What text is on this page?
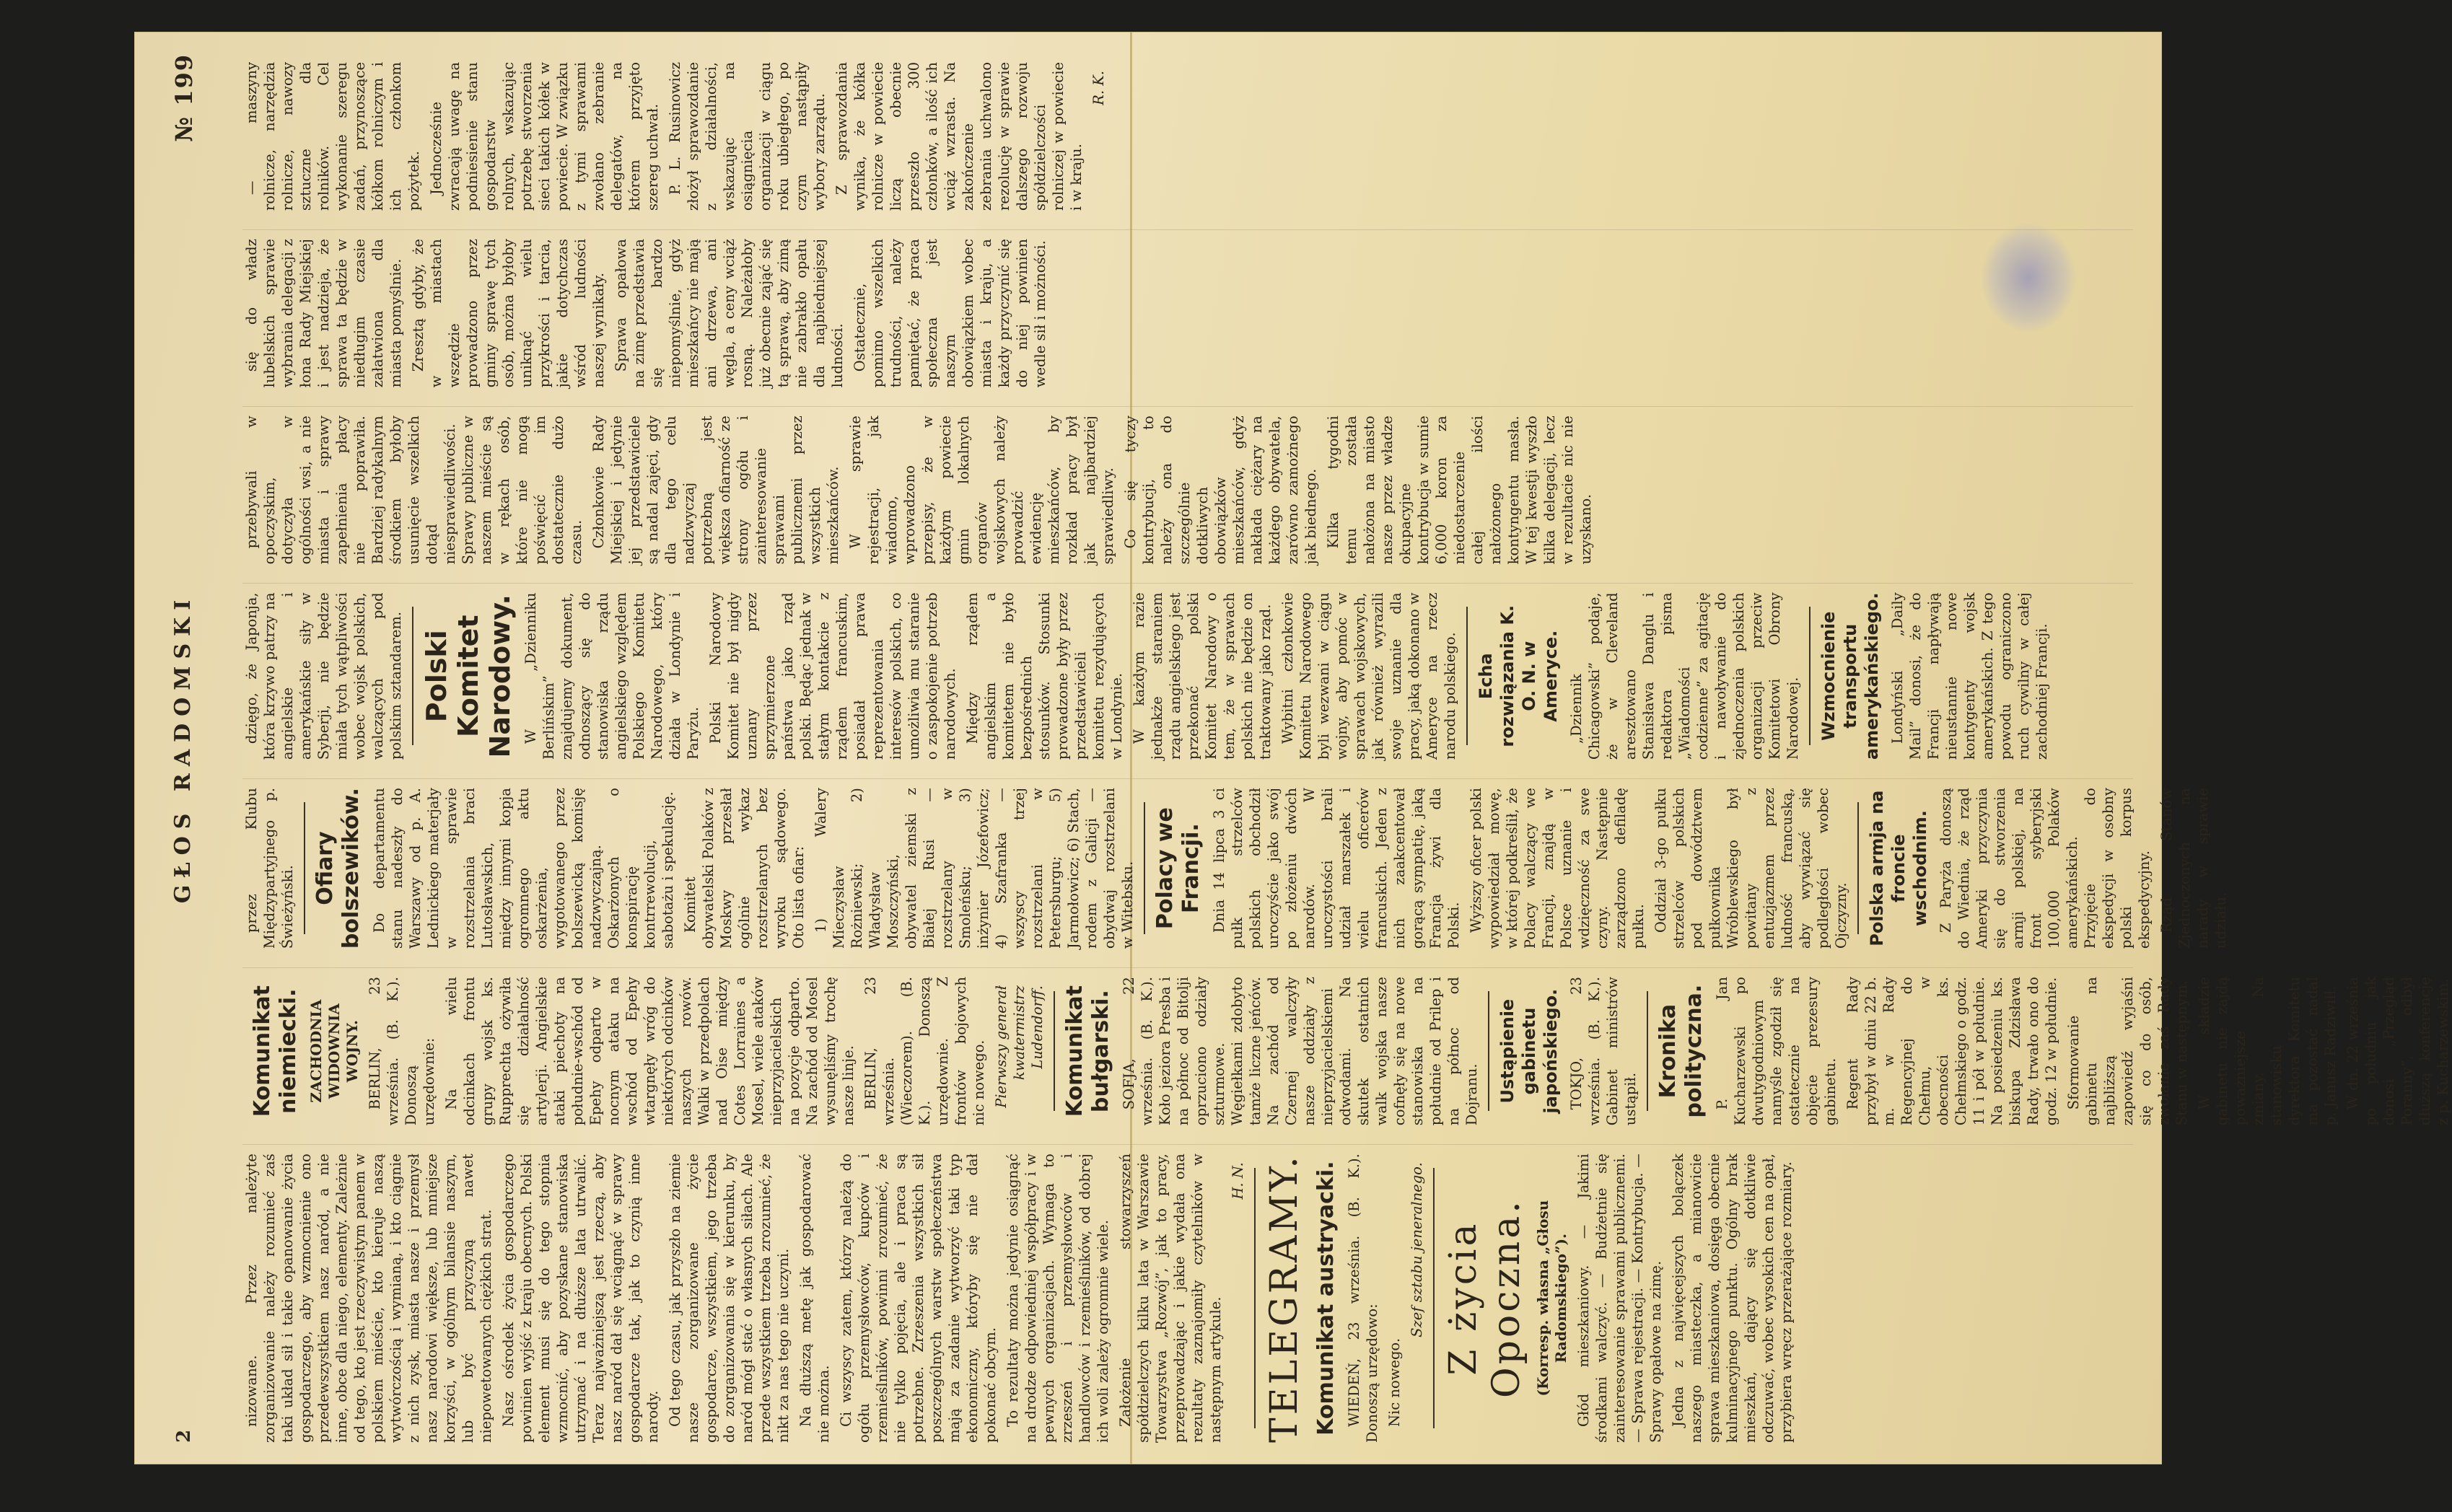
2
GŁOS RADOMSKI
№ 199

nizowane. Przez należyte zorganizowanie należy rozumieć zaś taki układ sił i takie opanowanie życia gospodarczego, aby wzmocnienie ono przedewszystkiem nasz naród, a nie inne, obce dla niego, elementy. Zależnie od tego, kto jest rzeczywistym panem w polskiem mieście, kto kieruje naszą wytwórczością i wymianą, i kto ciągnie z nich zysk, miasta nasze i przemysł nasz narodowi większe, lub mniejsze korzyści, w ogólnym bilansie naszym, lub być przyczyną nawet niepowetowanych ciężkich strat. Nasz ośrodek życia gospodarczego powinien wyjść z kraju obecnych. Polski element musi się do tego stopnia wzmocnić, aby pozyskane stanowiska utrzymać i na dłuższe lata utrwalić. Teraz najważniejszą jest rzeczą, aby nasz naród dał się wciągnąć w sprawy gospodarcze tak, jak to czynią inne narody. Od tego czasu, jak przyszło na ziemie nasze zorganizowane życie gospodarcze, wszystkiem, jego trzeba do zorganizowania się w kierunku, by naród mógł stać o własnych siłach. Ale przede wszystkiem trzeba zrozumieć, że nikt za nas tego nie uczyni. Na dłuższą metę jak gospodarować nie można. Ci wszyscy zatem, którzy należą do ogółu przemysłowców, kupców i rzemieślników, powinni zrozumieć, że nie tylko pojęcia, ale i praca są potrzebne. Zrzeszenia wszystkich sił poszczególnych warstw społeczeństwa mają za zadanie wytworzyć taki typ ekonomiczny, któryby się nie dał pokonać obcym. To rezultaty można jedynie osiągnąć na drodze odpowiedniej współpracy i w pewnych organizacjach. Wymaga to zrzeszeń i przemysłowców i handlowców i rzemieślników, od dobrej ich woli zależy ogromnie wiele. Założenie stowarzyszeń spółdzielczych kilku lata w Warszawie Towarzystwa „Rozwój”, jak to pracy, przeprowadzając i jakie wydała ona rezultaty zaznajomiły czytelników w następnym artykule.

H. N. TELEGRAMY. Komunikat austryacki. WIEDEŃ, 23 września. (B. K.). Donoszą urzędowo: Nic nowego.

Szef sztabu jeneralnego. Z życia Opoczna. (Korresp. własna „Głosu Radomskiego”). Głód mieszkaniowy. — Jakimi środkami walczyć. — Budżetnie się zainteresowanie sprawami publicznemi. — Sprawa rejestracji. — Kontrybucja. — Sprawy opałowe na zimę. Jedna z najwięcejszych bolączek naszego miasteczka, a mianowicie sprawa mieszkaniowa, dosięga obecnie kulminacyjnego punktu. Ogólny brak mieszkań, dający się dotkliwie odczuwać, wobec wysokich cen na opał, przybiera wręcz przerażające rozmiary.

Komunikat niemiecki. ZACHODNIA WIDOWNIA WOJNY. BERLIN, 23 września. (B. K.). Donoszą urzędownie: Na wielu odcinkach frontu grupy wojsk ks. Rupprechta ożywiła się działalność artylerji. Angielskie ataki piechoty na południe-wschód od Epehy odparto w nocnym ataku na wschód od Epehy wtargnęły wróg do niektórych odcinków naszych rowów. Walki w przedpolach nad Oise między Cotes Lorraines a Mosel, wiele ataków nieprzyjacielskich na pozycje odparto. Na zachód od Mosel wysunęliśmy trochę nasze linje. BERLIN, 23 września. (Wieczorem). (B. K.). Donoszą urzędownie. Z frontów bojowych nic nowego. Pierwszy generał kwatermistrz Ludendorff. Komunikat bułgarski. SOFJA, 22 września. (B. K.). Koło jeziora Presba i na północ od Bitolji oprzuciono odziały szturmowe. Węgiełkami zdobyto tamże liczne jeńców. Na zachód od Czernej walczyły nasze oddziały z nieprzyjacielskiemi odwodami. Na skutek ostatnich walk wojska nasze cofnęły się na nowe stanowiska na południe od Prilep i na północ od Dojranu. Ustąpienie gabinetu japońskiego. TOKJO, 23 września. (B. K.). Gabinet ministrów ustąpił.

Kronika polityczna. P. Jan Kucharzewski po dwutygodniowym namyśle zgodził się ostatecznie na objęcie prezesury gabinetu. Regent Rady przybył w dniu 22 b. m. w Rady Regencyjnej do Chełmu, w obecności ks. Chełmskiego o godz. 11 i pół w południe. Na posiedzeniu ks. biskupa Zdzisława Rady, trwało ono do godz. 12 w południe. Sformowanie gabinetu na najbliższą zapowiedź wyjaśni się co do osób, zwołanie zaś Rady Stanu w następnym. W składzie gabinetu nie zajdą poważniejsze zmiany. Na stanowisku dyrektora Komitetu ma pozostać nadal p. Janusz Radziwiłł. W dn. 22 września po południu jak donosi „Przegląd Poranny”, odbył dłuższą konferencję z p. Kucharzewskim.

przez Klubu Międzypartyjnego p. Świeżyński. Ofiary bolszewików. Do departamentu stanu nadeszły do Warszawy od p. A. Lednickiego materjały w sprawie rozstrzelania braci Lutosławskich, między innymi kopja ogromnego aktu oskarżenia, wygotowanego przez bolszewicką komisję nadzwyczajną. Oskarżonych o konspirację kontrrewolucji, sabotażu i spekulację. Komitet obywatelski Polaków z Moskwy przesłał ogólnie wykaz rozstrzelanych bez wyroku sądowego. Oto lista ofiar: 1) Walery Mieczysław Rożniewski; 2) Władysław Moszczyński, obywatel ziemski z Białej Rusi — rozstrzelany w Smoleńsku; 3) inżynier Józefowicz; 4) Szafranka — wszyscy trzej rozstrzelani w Petersburgu; 5) Jarmołowicz; 6) Stach, rodem z Galicji — obydwaj rozstrzelani w Witebsku. Polacy we Francji. Dnia 14 lipca 3 ci pułk strzelców polskich obchodził uroczyście jako swój po złożeniu dwóch narodów. W uroczystości brali udział marszałek i wielu oficerów francuskich. Jeden z nich zaakcentował gorącą sympatię, jaką Francja żywi dla Polski. Wyższy oficer polski wypowiedział mowę, w której podkreślił, że Polacy walczący we Francji, znajdą w Polsce uznanie i wdzięczność za swe czyny. Następnie zarządzono defiladę pułku. Oddział 3-go pułku strzelców polskich pod dowództwem pułkownika Wróblewskiego był powitany z entuzjazmem przez ludność francuską, aby wywiązać się podległości wobec Ojczyzny. Polska armja na froncie wschodnim. Z Paryża donoszą do Wiednia, że rząd Ameryki przyczynia się do stworzenia armji polskiej, na front syberyjski 100,000 Polaków amerykańskich. Przyjęcie do ekspedycji w osobny polski korpus ekspedycyjny. Rząd Stanów Zjednoczonych na narady w sprawie udziału.

dzięgo, że Japonja, która krzywo patrzy na angielskie i amerykańskie siły w Syberji, nie będzie miała tych wątpliwości wobec wojsk polskich, walczących pod polskim sztandarem. Polski Komitet Narodowy. W „Dzienniku Berlińskim” znajdujemy dokument, odnoszący się do stanowiska rządu angielskiego względem Polskiego Komitetu Narodowego, który działa w Londynie i Paryżu. Polski Narodowy Komitet nie był nigdy uznany przez sprzymierzone państwa jako rząd polski. Będąc jednak w stałym kontakcie z rządem francuskim, posiadał prawa reprezentowania interesów polskich, co umożliwia mu staranie o zaspokojenie potrzeb narodowych. Między rządem angielskim a komitetem nie było bezpośrednich stosunków. Stosunki prowadzone były przez przedstawicieli komitetu rezydujących w Londynie. W każdym razie jednakże staraniem rządu angielskiego jest przekonać polski Komitet Narodowy o tem, że w sprawach polskich nie będzie on traktowany jako rząd. Wybitni członkowie Komitetu Narodowego byli wezwani w ciągu wojny, aby pomóc w sprawach wojskowych, jak również wyrazili swoje uznanie dla pracy, jaką dokonano w Ameryce na rzecz narodu polskiego. Echa rozwiązania K. O. N. w Ameryce. „Dziennik Chicagowski” podaje, że w Cleveland aresztowano Stanisława Danglu i redaktora pisma „Wiadomości codzienne” za agitację i nawoływanie do zjednoczenia polskich organizacji przeciw Komitetowi Obrony Narodowej. Wzmocnienie transportu amerykańskiego. Londyński „Daily Mail” donosi, że do Francji napływają nieustannie nowe kontygenty wojsk amerykańskich. Z tego powodu ograniczono ruch cywilny w całej zachodniej Francji.

przebywali w opoczyskim, dotyczyła w ogólności wsi, a nie miasta i sprawy zapełnienia płacy nie poprawiła. Bardziej radykalnym środkiem byłoby usunięcie wszelkich dotąd niesprawiedliwości. Sprawy publiczne w naszem mieście są w rękach osób, które nie mogą poświęcić im dostatecznie dużo czasu. Członkowie Rady Miejskiej i jedynie jej przedstawiciele są nadal zajęci, gdy dla tego celu nadzwyczaj potrzebną jest większa ofiarność ze strony ogółu i zainteresowanie sprawami publicznemi przez wszystkich mieszkańców. W sprawie rejestracji, jak wiadomo, wprowadzono przepisy, że w każdym powiecie gmin lokalnych organów wojskowych należy prowadzić ewidencję mieszkańców, by rozkład pracy był jak najbardziej sprawiedliwy. Co się tyczy kontrybucji, to należy ona do szczególnie dotkliwych obowiązków mieszkańców, gdyż nakłada ciężary na każdego obywatela, zarówno zamożnego jak biednego. Kilka tygodni temu została nałożona na miasto nasze przez władze okupacyjne kontrybucja w sumie 6,000 koron za niedostarczenie całej ilości nałożonego kontyngentu masła. W tej kwestji wyszło kilka delegacji, lecz w rezultacie nic nie uzyskano.

się do władz lubelskich sprawie wybrania delegacji z łona Rady Miejskiej i jest nadzieja, że sprawa ta będzie w niedługim czasie załatwiona dla miasta pomyślnie. Zresztą gdyby, że w miastach wszędzie prowadzono przez gminy sprawę tych osób, można byłoby uniknąć wielu przykrości i tarcia, jakie dotychczas wśród ludności naszej wynikały. Sprawa opałowa na zimę przedstawia się bardzo niepomyślnie, gdyż mieszkańcy nie mają ani drzewa, ani węgla, a ceny wciąż rosną. Należałoby już obecnie zająć się tą sprawą, aby zimą nie zabrakło opału dla najbiedniejszej ludności. Ostatecznie, pomimo wszelkich trudności, należy pamiętać, że praca społeczna jest naszym obowiązkiem wobec miasta i kraju, a każdy przyczynić się do niej powinien wedle sił i możności.

— maszyny rolnicze, narzędzia rolnicze, nawozy sztuczne dla rolników. Cel wykonanie szeregu zadań, przynoszące kółkom rolniczym i ich członkom pożytek. Jednocześnie zwracają uwagę na podniesienie stanu gospodarstw rolnych, wskazując potrzebę stworzenia sieci takich kółek w powiecie. W związku z tymi sprawami zwołano zebranie delegatów, na którem przyjęto szereg uchwał. P. L. Rusinowicz złożył sprawozdanie z działalności, wskazując na osiągnięcia organizacji w ciągu roku ubiegłego, po czym nastąpiły wybory zarządu. Z sprawozdania wynika, że kółka rolnicze w powiecie liczą obecnie przeszło 300 członków, a ilość ich wciąż wzrasta. Na zakończenie zebrania uchwalono rezolucję w sprawie dalszego rozwoju spółdzielczości rolniczej w powiecie i w kraju.

R. K.
